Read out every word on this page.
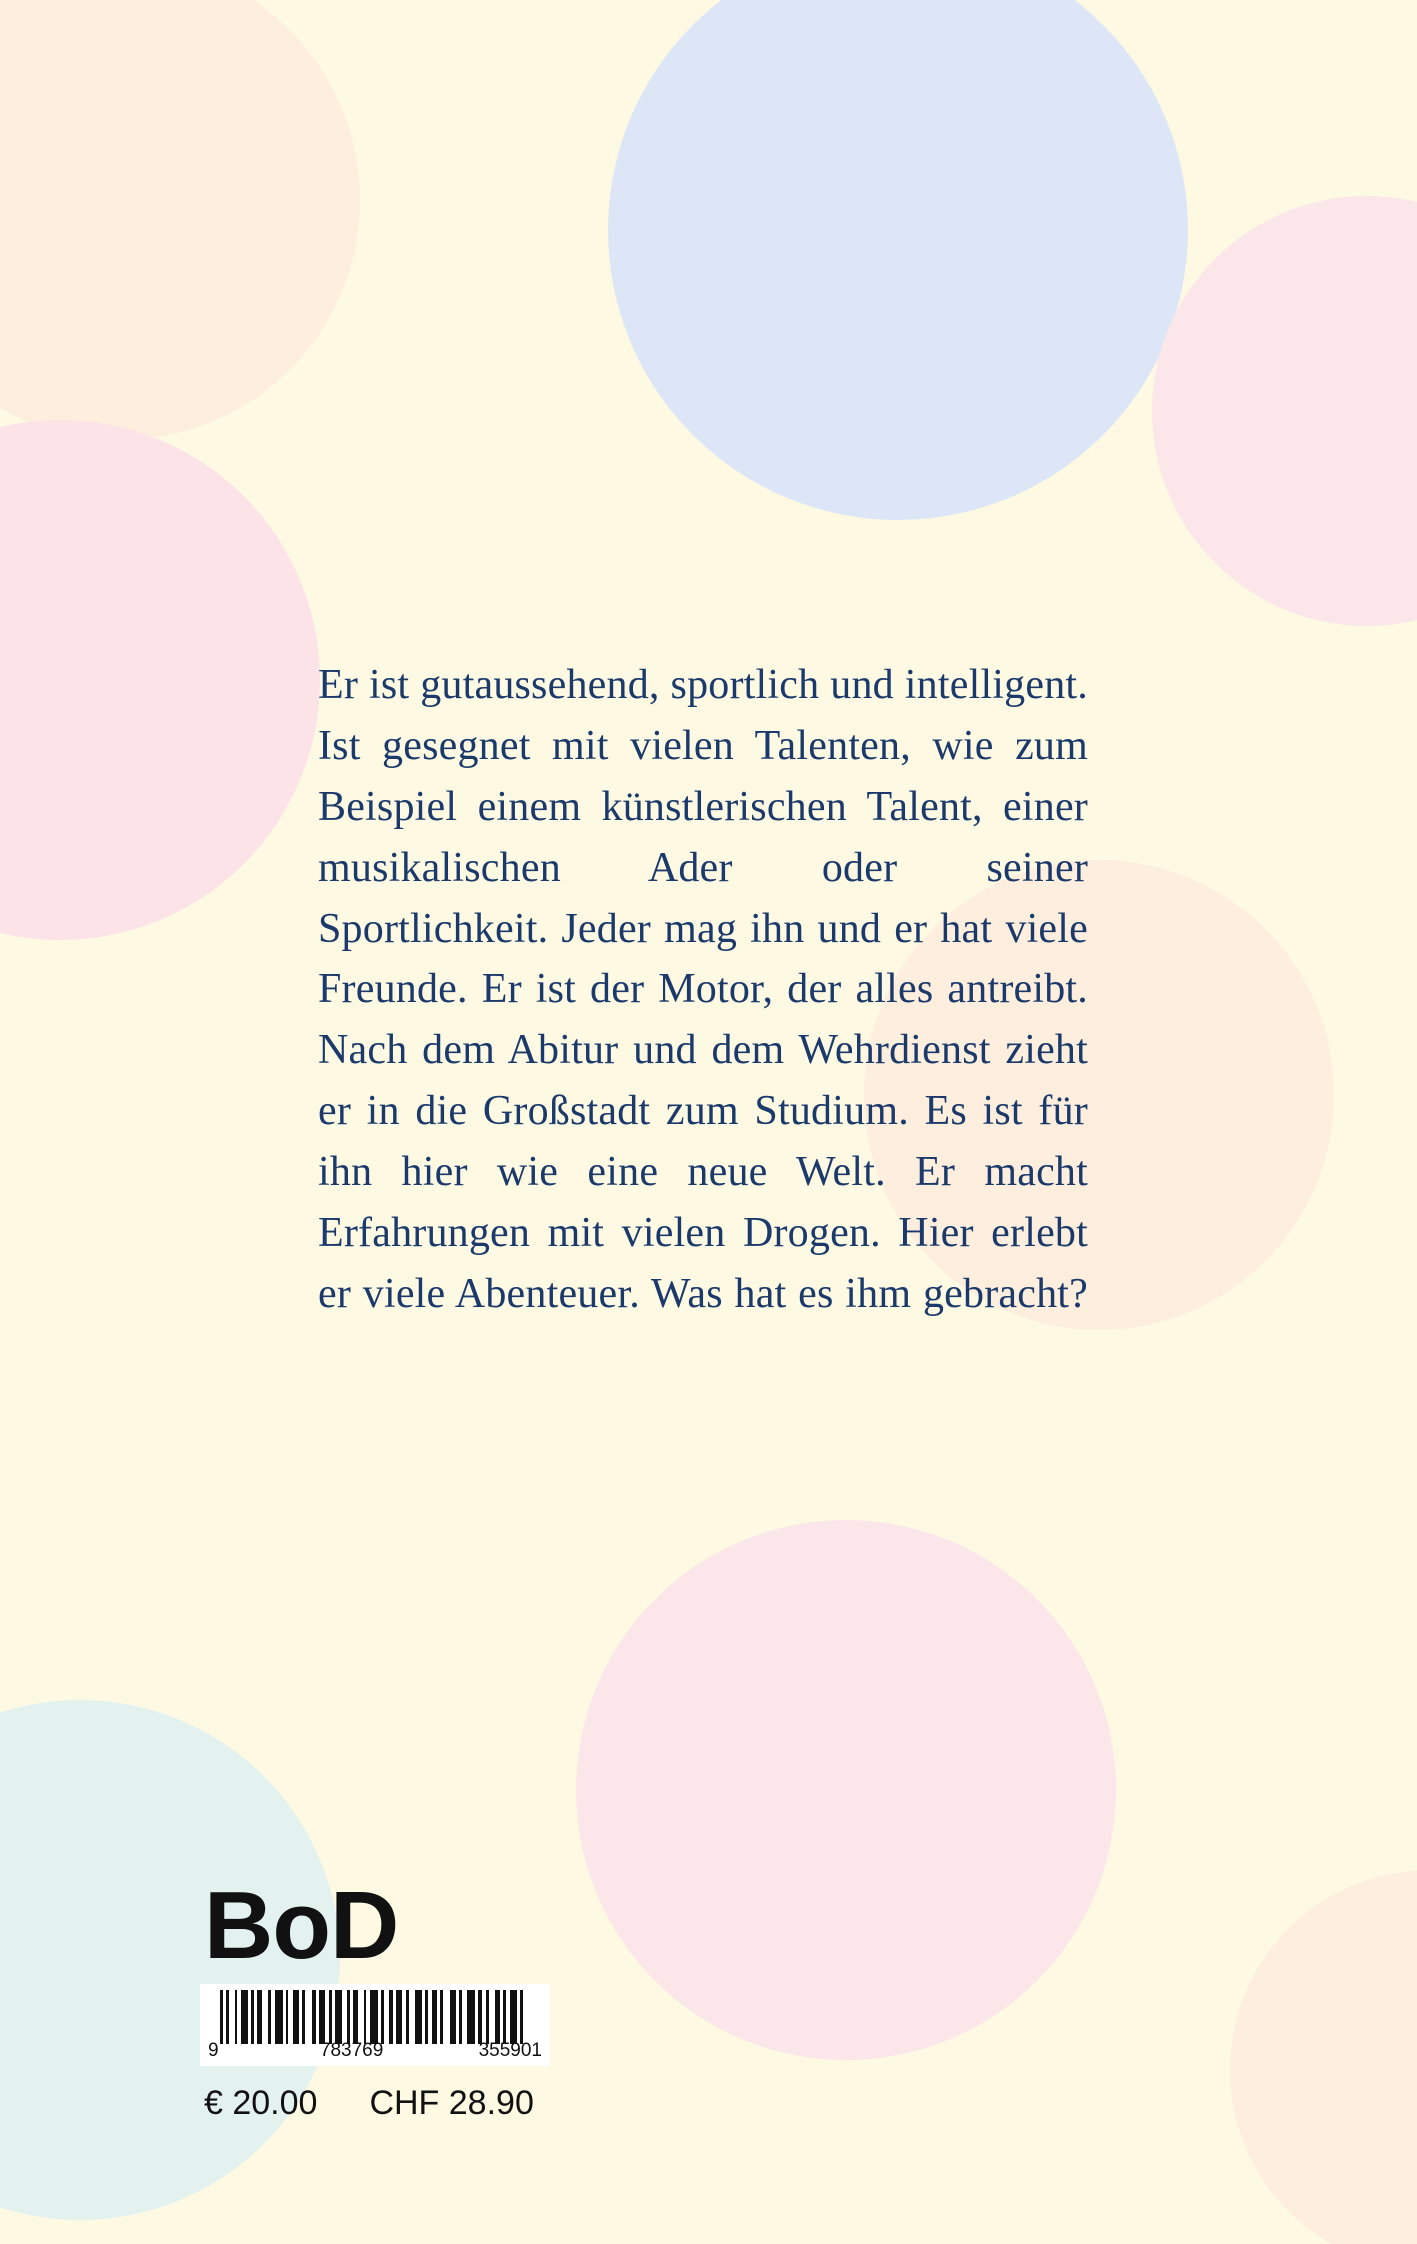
Er ist gutaussehend, sportlich und intelligent. Ist gesegnet mit vielen Talenten, wie zum Beispiel einem künstlerischen Talent, einer musikalischen Ader oder seiner Sportlichkeit. Jeder mag ihn und er hat viele Freunde. Er ist der Motor, der alles antreibt. Nach dem Abitur und dem Wehrdienst zieht er in die Großstadt zum Studium. Es ist für ihn hier wie eine neue Welt. Er macht Erfahrungen mit vielen Drogen. Hier erlebt er viele Abenteuer. Was hat es ihm gebracht?
BoD
9	783769	355901
€ 20.00 CHF 28.90
